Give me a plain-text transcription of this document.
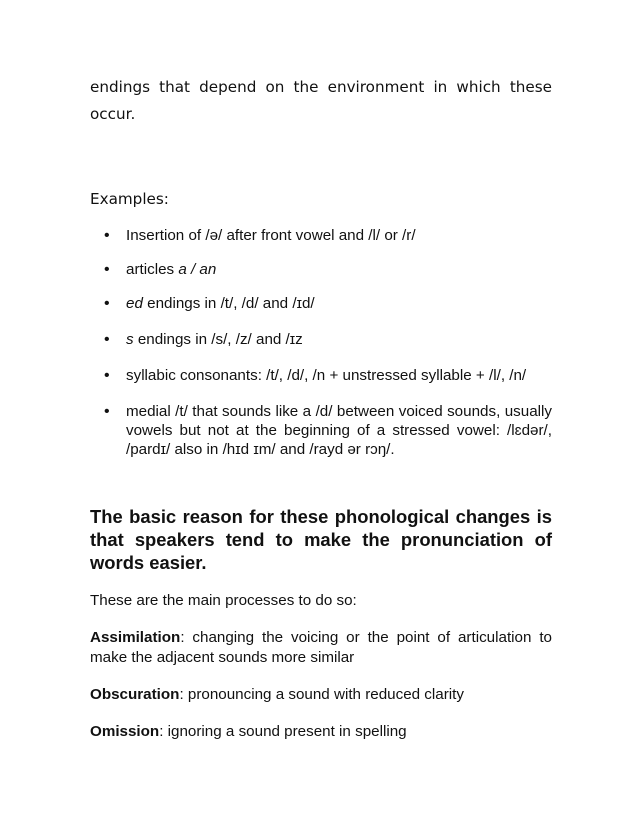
endings that depend on the environment in which these occur.

Examples:
• Insertion of /ə/ after front vowel and /l/ or /r/
• articles a / an
• ed endings in /t/, /d/ and /ɪd/
• s endings in /s/, /z/ and /ɪz
• syllabic consonants: /t/, /d/, /n + unstressed syllable + /l/, /n/
• medial /t/ that sounds like a /d/ between voiced sounds, usually vowels but not at the beginning of a stressed vowel: /lɛdər/, /pardɪ/ also in /hɪd ɪm/ and /rayd ər rɔŋ/.

The basic reason for these phonological changes is that speakers tend to make the pronunciation of words easier.

These are the main processes to do so:

Assimilation: changing the voicing or the point of articulation to make the adjacent sounds more similar

Obscuration: pronouncing a sound with reduced clarity

Omission: ignoring a sound present in spelling
